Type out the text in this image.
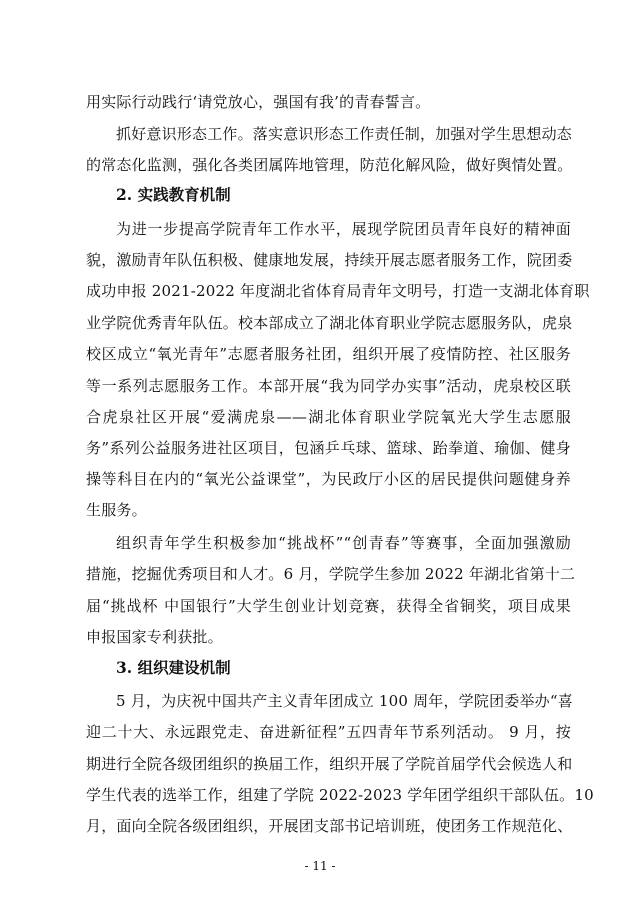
用实际行动践行‘请党放心，强国有我’的青春誓言。
抓好意识形态工作。落实意识形态工作责任制，加强对学生思想动态
的常态化监测，强化各类团属阵地管理，防范化解风险，做好舆情处置。
2. 实践教育机制
为进一步提高学院青年工作水平，展现学院团员青年良好的精神面
貌，激励青年队伍积极、健康地发展，持续开展志愿者服务工作，院团委
成功申报 2021-2022 年度湖北省体育局青年文明号，打造一支湖北体育职
业学院优秀青年队伍。校本部成立了湖北体育职业学院志愿服务队，虎泉
校区成立“氧光青年”志愿者服务社团，组织开展了疫情防控、社区服务
等一系列志愿服务工作。本部开展“我为同学办实事”活动，虎泉校区联
合虎泉社区开展“爱满虎泉——湖北体育职业学院氧光大学生志愿服
务”系列公益服务进社区项目，包涵乒乓球、篮球、跆拳道、瑜伽、健身
操等科目在内的“氧光公益课堂”，为民政厅小区的居民提供问题健身养
生服务。
组织青年学生积极参加“挑战杯”“创青春”等赛事，全面加强激励
措施，挖掘优秀项目和人才。6 月，学院学生参加 2022 年湖北省第十二
届“挑战杯 中国银行”大学生创业计划竞赛，获得全省铜奖，项目成果
申报国家专利获批。
3. 组织建设机制
5 月，为庆祝中国共产主义青年团成立 100 周年，学院团委举办“喜
迎二十大、永远跟党走、奋进新征程”五四青年节系列活动。 9 月，按
期进行全院各级团组织的换届工作，组织开展了学院首届学代会候选人和
学生代表的选举工作，组建了学院 2022-2023 学年团学组织干部队伍。10
月，面向全院各级团组织，开展团支部书记培训班，使团务工作规范化、
- 11 -
